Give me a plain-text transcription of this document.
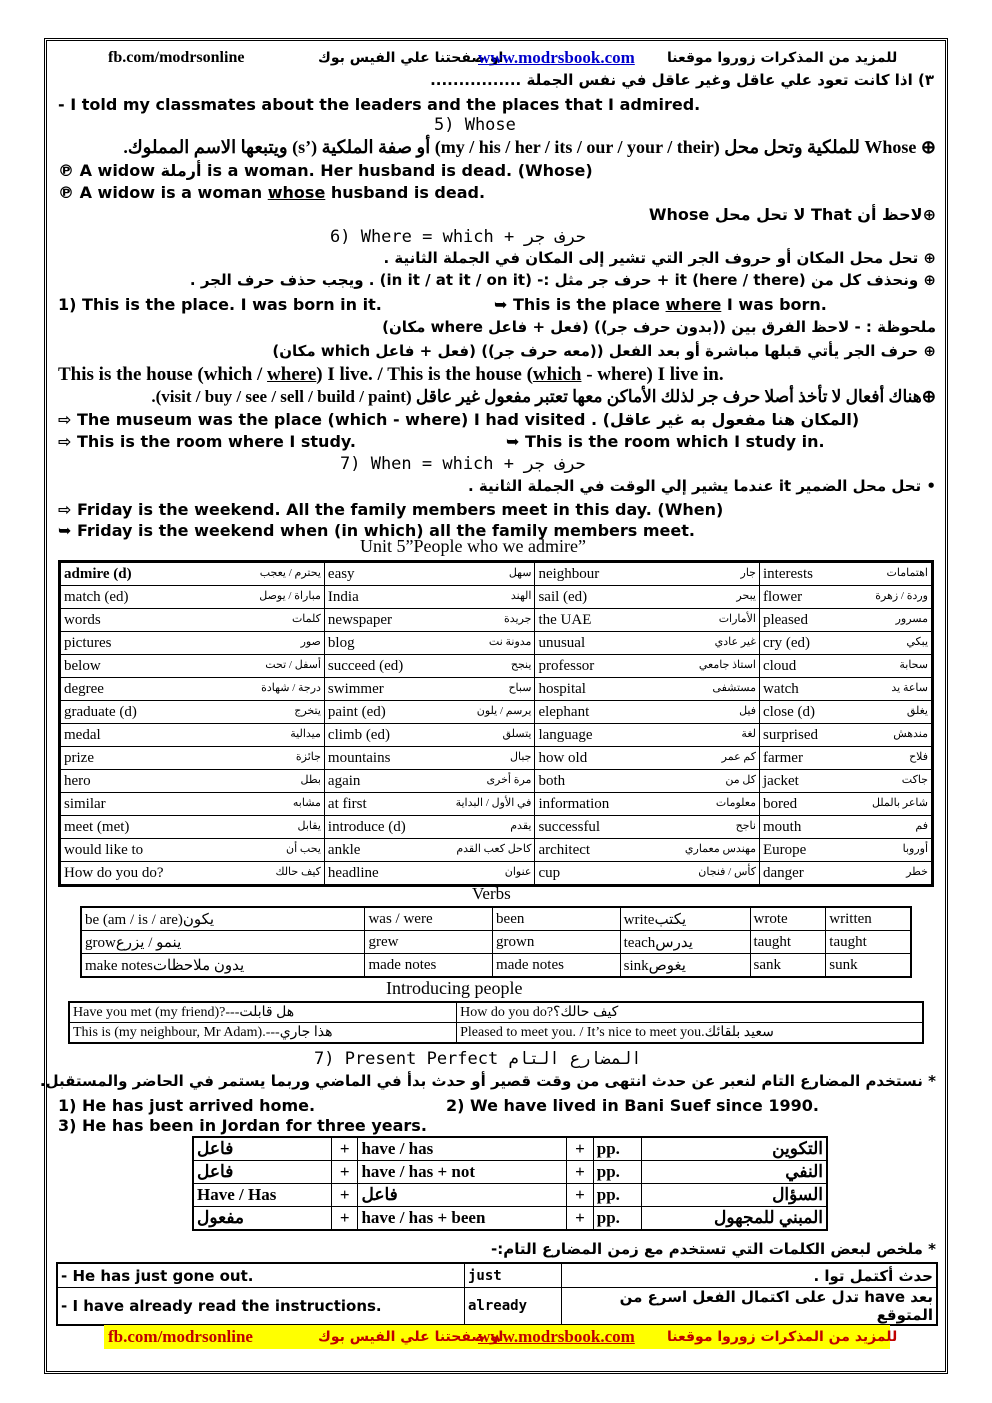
fb.com/modrsonline	او صفحتنا علي الفيس بوك
www.modrsbook.com للمزيد من المذكرات زوروا موقعنا
٣) اذا كانت تعود علي عاقل وغير عاقل في نفس الجملة ................
- I told my classmates about the leaders and the places that I admired.
5) Whose
⊕ Whose للملكية وتحل محل (my / his / her / its / our / your / their) أو صفة الملكية (’s) ويتبعها الاسم المملوك.
℗ A widow أرملة is a woman. Her husband is dead. (Whose)
℗ A widow is a woman whose husband is dead.
⊕لاحظ أن That لا تحل محل Whose
6) Where = which + حرف جر
⊕ تحل محل المكان أو حروف الجر التي تشير إلى المكان في الجملة الثانية .
⊕ ونحذف كل من (here / there) it + حرف جر مثل :- (in it / at it / on it) . ويجب حذف حرف الجر .
1) This is the place. I was born in it.	➥ This is the place where I was born.
ملحوظة : - لاحظ الفرق بين ((بدون حرف جر)) (فعل + فاعل where مكان)
⊕ حرف الجر يأتي قبلها مباشرة أو بعد الفعل ((معه حرف جر)) (فعل + فاعل which مكان)
This is the house (which / where) I live. / This is the house (which - where) I live in.
⊕هناك أفعال لا تأخذ أصلا حرف جر لذلك الأماكن معها تعتبر مفعول غير عاقل (visit / buy / see / sell / build / paint).
⇨ The museum was the place (which - where) I had visited . (المكان هنا مفعول به غير عاقل)
⇨ This is the room where I study.	➥ This is the room which I study in.
7) When = which + حرف جر
• تحل محل الضمير it عندما يشير إلي الوقت في الجملة الثانية .
⇨ Friday is the weekend. All the family members meet in this day. (When)
➥ Friday is the weekend when (in which) all the family members meet.
Unit 5”People who we admire”
admire (d) يحترم / يعجب	easy سهل	neighbour جار	interests اهتمامات

match (ed) مباراة / يوصل	India الهند	sail (ed) يبحر	flower وردة / زهرة

words كلمات	newspaper جريدة	the UAE الأمارات	pleased مسرور

pictures صور	blog مدونة نت	unusual غير عادي	cry (ed) يبكي

below أسفل / تحت	succeed (ed) ينجح	professor استاذ جامعي	cloud سحابة

degree درجة / شهادة	swimmer سباح	hospital مستشفى	watch ساعة يد

graduate (d) يتخرج	paint (ed) يرسم / يلون	elephant فيل	close (d) يغلق

medal ميدالية	climb (ed) يتسلق	language لغة	surprised مندهش

prize جائزة	mountains جبال	how old كم عمر	farmer فلاح

hero بطل	again مرة أخرى	both كل من	jacket جاكت

similar مشابه	at first في الأول / البداية	information معلومات	bored شاعر بالملل

meet (met) يقابل	introduce (d) يقدم	successful ناجح	mouth فم

would like to يحب أن	ankle كاحل كعب القدم	architect مهندس معماري	Europe أوروبا

How do you do? كيف حالك	headline عنوان	cup كأس / فنجان	danger خطر
Verbs
be (am / is / are)يكون	was / were	been	writeيكتب	wrote	written
growينمو / يزرع	grew	grown	teachيدرس	taught	taught
make notesيدون ملاحظات	made notes	made notes	sinkيغوص	sank	sunk
Introducing people
Have you met (my friend)?---هل قابلت	How do you do?كيف حالك؟
This is (my neighbour, Mr Adam).---هذا جاري	Pleased to meet you. / It’s nice to meet you.سعيد بلقائك
7) Present Perfect المضارع التام
* نستخدم المضارع التام لنعبر عن حدث انتهى من وقت قصير أو حدث بدأ في الماضي وربما يستمر في الحاضر والمستقبل.
1) He has just arrived home.	2) We have lived in Bani Suef since 1990.
3) He has been in Jordan for three years.
فاعل	+	have / has	+	pp.	التكوين
فاعل	+	have / has + not	+	pp.	النفي
Have / Has	+	فاعل	+	pp.	السؤال
مفعول	+	have / has + been	+	pp.	المبني للمجهول
* ملخص لبعض الكلمات التي تستخدم مع زمن المضارع التام:-
- He has just gone out.	just	حدث أكتمل توا .
- I have already read the instructions.	already	بعد have تدل على اكتمال الفعل اسرع من المتوقع
fb.com/modrsonline	او صفحتنا علي الفيس بوك
www.modrsbook.com للمزيد من المذكرات زوروا موقعنا
